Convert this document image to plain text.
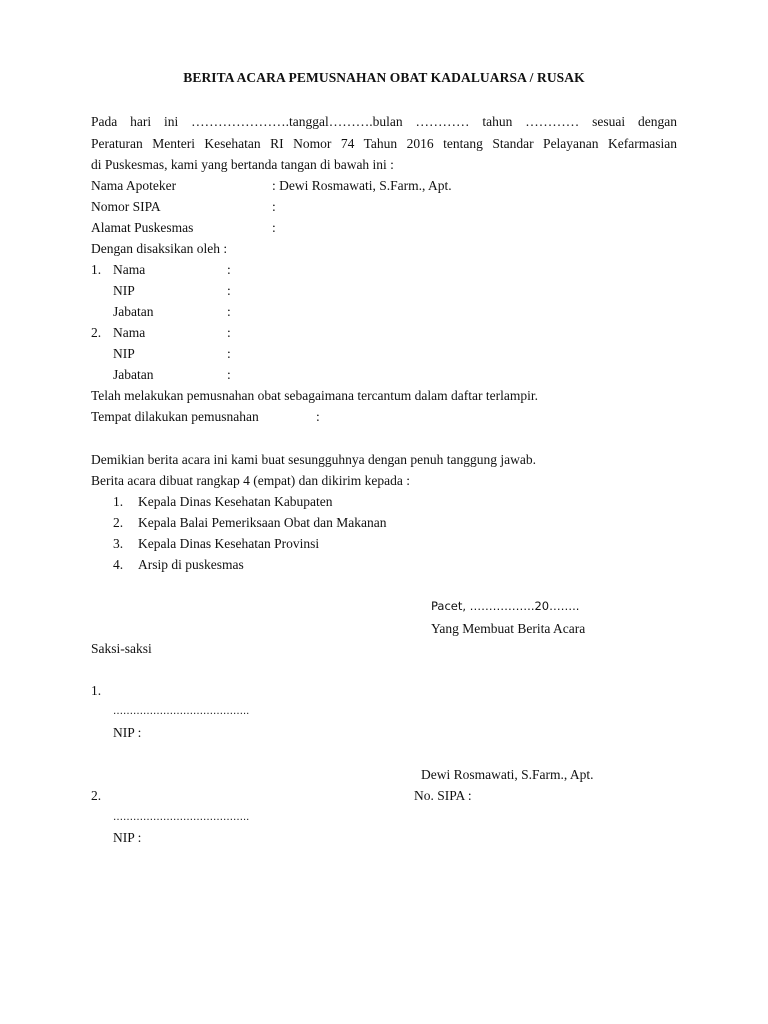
BERITA ACARA PEMUSNAHAN OBAT KADALUARSA / RUSAK
Pada hari ini ………………….tanggal……….bulan ………… tahun ………… sesuai dengan
Peraturan Menteri Kesehatan RI Nomor 74 Tahun 2016 tentang Standar Pelayanan Kefarmasian
di Puskesmas, kami yang bertanda tangan di bawah ini :
Nama Apoteker	: Dewi Rosmawati, S.Farm., Apt.
Nomor SIPA	:
Alamat Puskesmas	:
Dengan disaksikan oleh :
1. Nama	:
NIP	:
Jabatan	:
2. Nama	:
NIP	:
Jabatan	:
Telah melakukan pemusnahan obat sebagaimana tercantum dalam daftar terlampir.
Tempat dilakukan pemusnahan	:
Demikian berita acara ini kami buat sesungguhnya dengan penuh tanggung jawab.
Berita acara dibuat rangkap 4 (empat) dan dikirim kepada :
1. Kepala Dinas Kesehatan Kabupaten
2. Kepala Balai Pemeriksaan Obat dan Makanan
3. Kepala Dinas Kesehatan Provinsi
4. Arsip di puskesmas
Pacet, ……………..20……..
Yang Membuat Berita Acara
Saksi-saksi
1.
…………………………………..
NIP :
Dewi Rosmawati, S.Farm., Apt.
2.	No. SIPA :
…………………………………..
NIP :
